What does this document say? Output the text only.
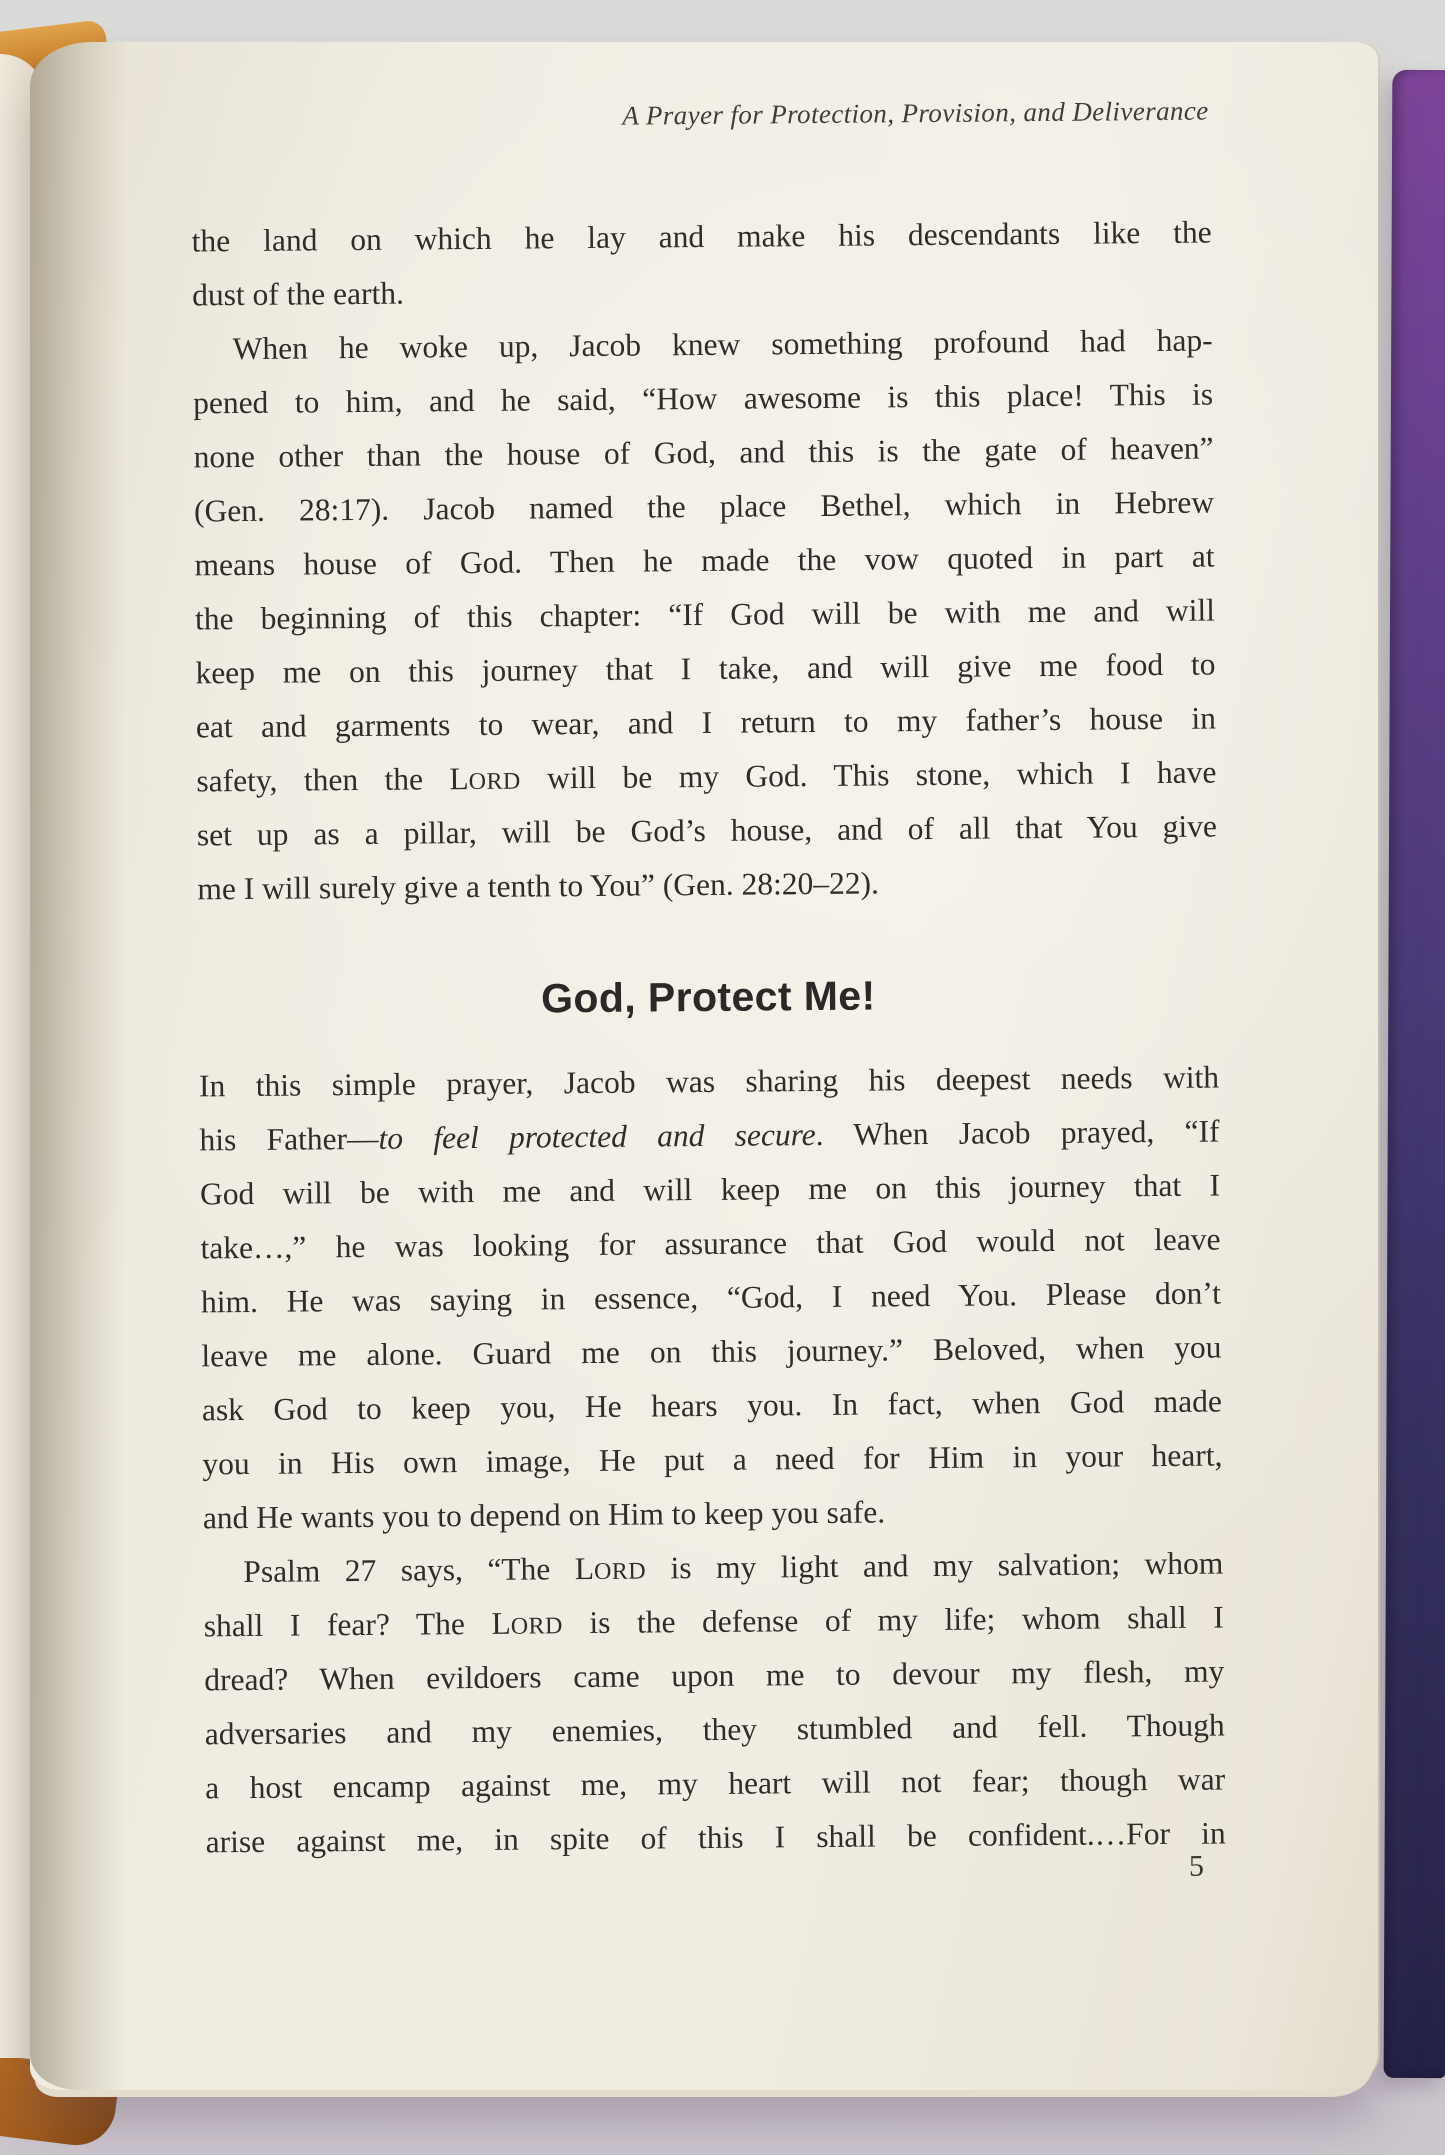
A Prayer for Protection, Provision, and Deliverance
the land on which he lay and make his descendants like the
dust of the earth.
When he woke up, Jacob knew something profound had hap-
pened to him, and he said, “How awesome is this place! This is
none other than the house of God, and this is the gate of heaven”
(Gen. 28:17). Jacob named the place Bethel, which in Hebrew
means house of God. Then he made the vow quoted in part at
the beginning of this chapter: “If God will be with me and will
keep me on this journey that I take, and will give me food to
eat and garments to wear, and I return to my father’s house in
safety, then the LORD will be my God. This stone, which I have
set up as a pillar, will be God’s house, and of all that You give
me I will surely give a tenth to You” (Gen. 28:20–22).
God, Protect Me!
In this simple prayer, Jacob was sharing his deepest needs with
his Father—to feel protected and secure. When Jacob prayed, “If
God will be with me and will keep me on this journey that I
take…,” he was looking for assurance that God would not leave
him. He was saying in essence, “God, I need You. Please don’t
leave me alone. Guard me on this journey.” Beloved, when you
ask God to keep you, He hears you. In fact, when God made
you in His own image, He put a need for Him in your heart,
and He wants you to depend on Him to keep you safe.
Psalm 27 says, “The LORD is my light and my salvation; whom
shall I fear? The LORD is the defense of my life; whom shall I
dread? When evildoers came upon me to devour my flesh, my
adversaries and my enemies, they stumbled and fell. Though
a host encamp against me, my heart will not fear; though war
arise against me, in spite of this I shall be confident.…For in
5
